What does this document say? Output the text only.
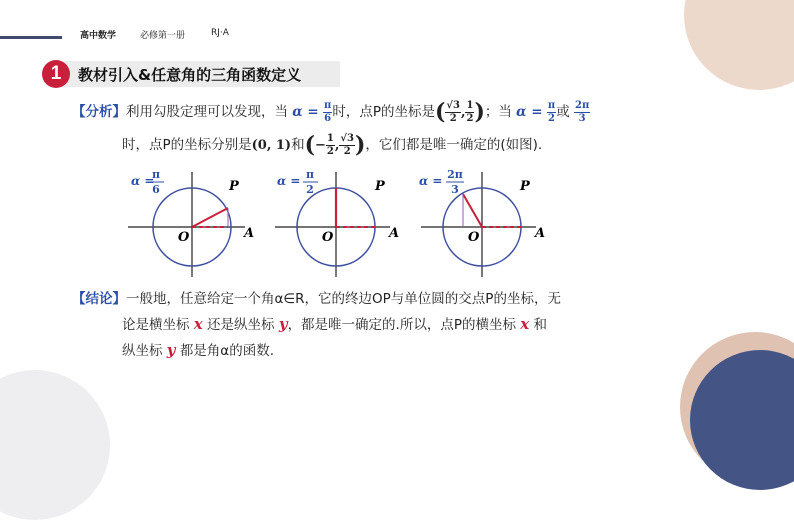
高中数学	必修第一册	RJ·A
1	教材引入&任意角的三角函数定义
【分析】利用勾股定理可以发现，当 $\alpha = \frac{\pi}{6}$ 时，点P的坐标是( $\frac{√3}{2}$ , $\frac{1}{2}$ )；当 $\alpha = \frac{\pi}{2}$ 或 $\frac{2\pi}{3}$
时，点P的坐标分别是(0, 1)和(− $\frac{1}{2}$ , $\frac{√3}{2}$ )，它们都是唯一确定的(如图).
α =
π
6	P
O	A
α = π
2	P
O	A
α = 2π
3	P
O	A
【结论】一般地，任意给定一个角α∈R，它的终边OP与单位圆的交点P的坐标，无
论是横坐标 x 还是纵坐标 y，都是唯一确定的.所以，点P的横坐标 x 和
纵坐标 y 都是角α的函数.
